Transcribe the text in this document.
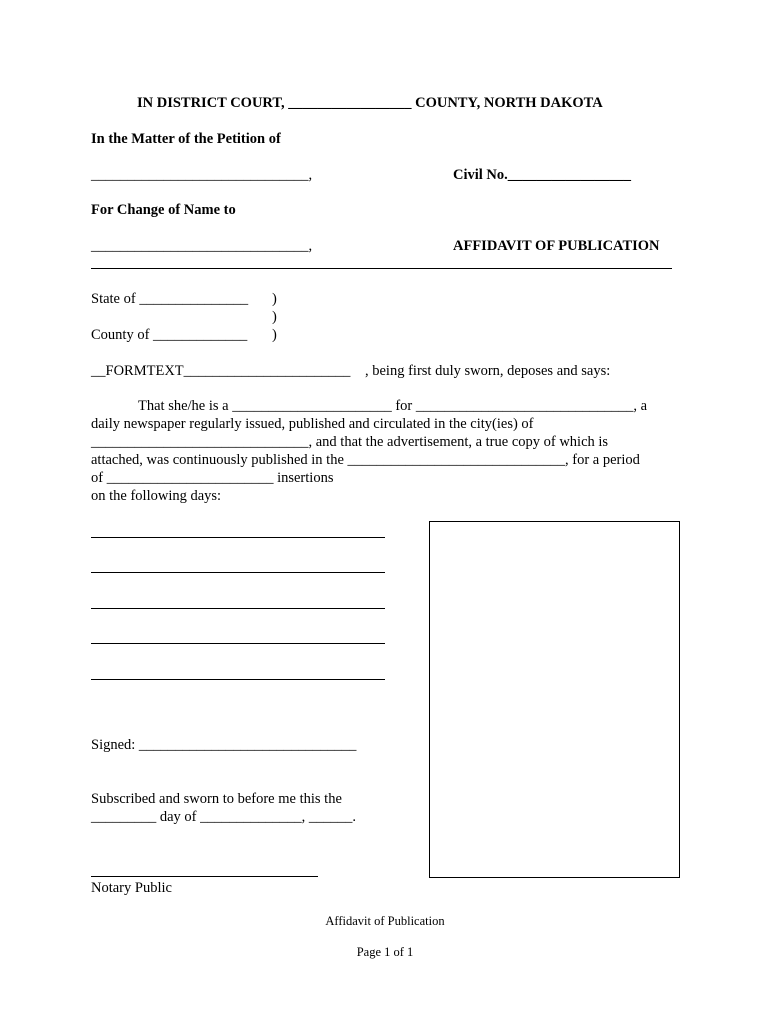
IN DISTRICT COURT, _________________ COUNTY, NORTH DAKOTA
In the Matter of the Petition of
______________________________,	Civil No._________________
For Change of Name to
______________________________,	AFFIDAVIT OF PUBLICATION
State of _______________ )
)
County of _____________ )
__FORMTEXT_______________________ , being first duly sworn, deposes and says:
That she/he is a ______________________ for ______________________________, a
daily newspaper regularly issued, published and circulated in the city(ies) of
______________________________, and that the advertisement, a true copy of which is
attached, was continuously published in the ______________________________, for a period
of _______________________ insertions
on the following days:
Signed: ______________________________
Subscribed and sworn to before me this the
_________ day of ______________, ______.
Notary Public
Affidavit of Publication
Page 1 of 1
